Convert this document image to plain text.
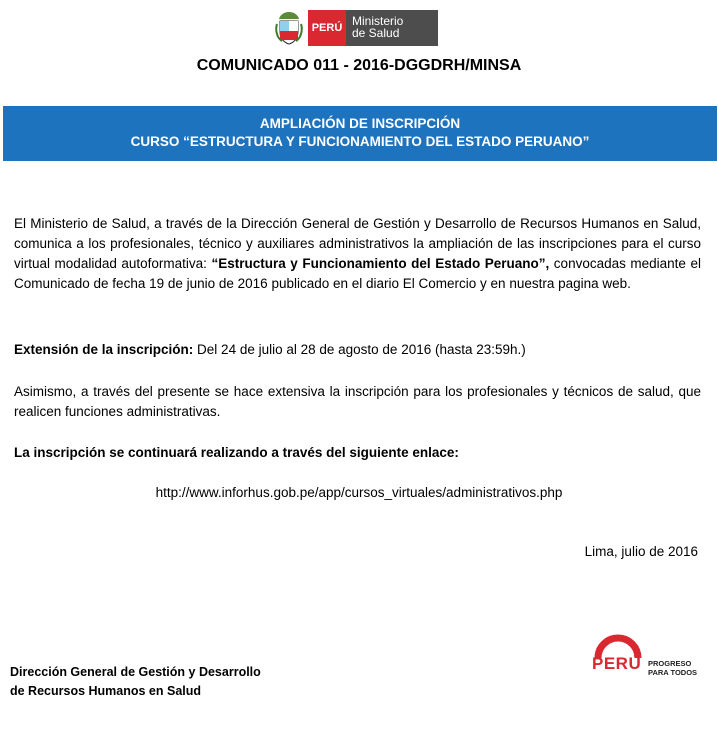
PERÚ Ministerio
de Salud
COMUNICADO 011 - 2016-DGGDRH/MINSA
AMPLIACIÓN DE INSCRIPCIÓN
CURSO “ESTRUCTURA Y FUNCIONAMIENTO DEL ESTADO PERUANO”
El Ministerio de Salud, a través de la Dirección General de Gestión y Desarrollo de Recursos Humanos en Salud, comunica a los profesionales, técnico y auxiliares administrativos la ampliación de las inscripciones para el curso virtual modalidad autoformativa: “Estructura y Funcionamiento del Estado Peruano”, convocadas mediante el Comunicado de fecha 19 de junio de 2016 publicado en el diario El Comercio y en nuestra pagina web.
Extensión de la inscripción: Del 24 de julio al 28 de agosto de 2016 (hasta 23:59h.)
Asimismo, a través del presente se hace extensiva la inscripción para los profesionales y técnicos de salud, que realicen funciones administrativas.
La inscripción se continuará realizando a través del siguiente enlace:
http://www.inforhus.gob.pe/app/cursos_virtuales/administrativos.php
Lima, julio de 2016
Dirección General de Gestión y Desarrollo
de Recursos Humanos en Salud
PERÚ PROGRESO
PARA TODOS
